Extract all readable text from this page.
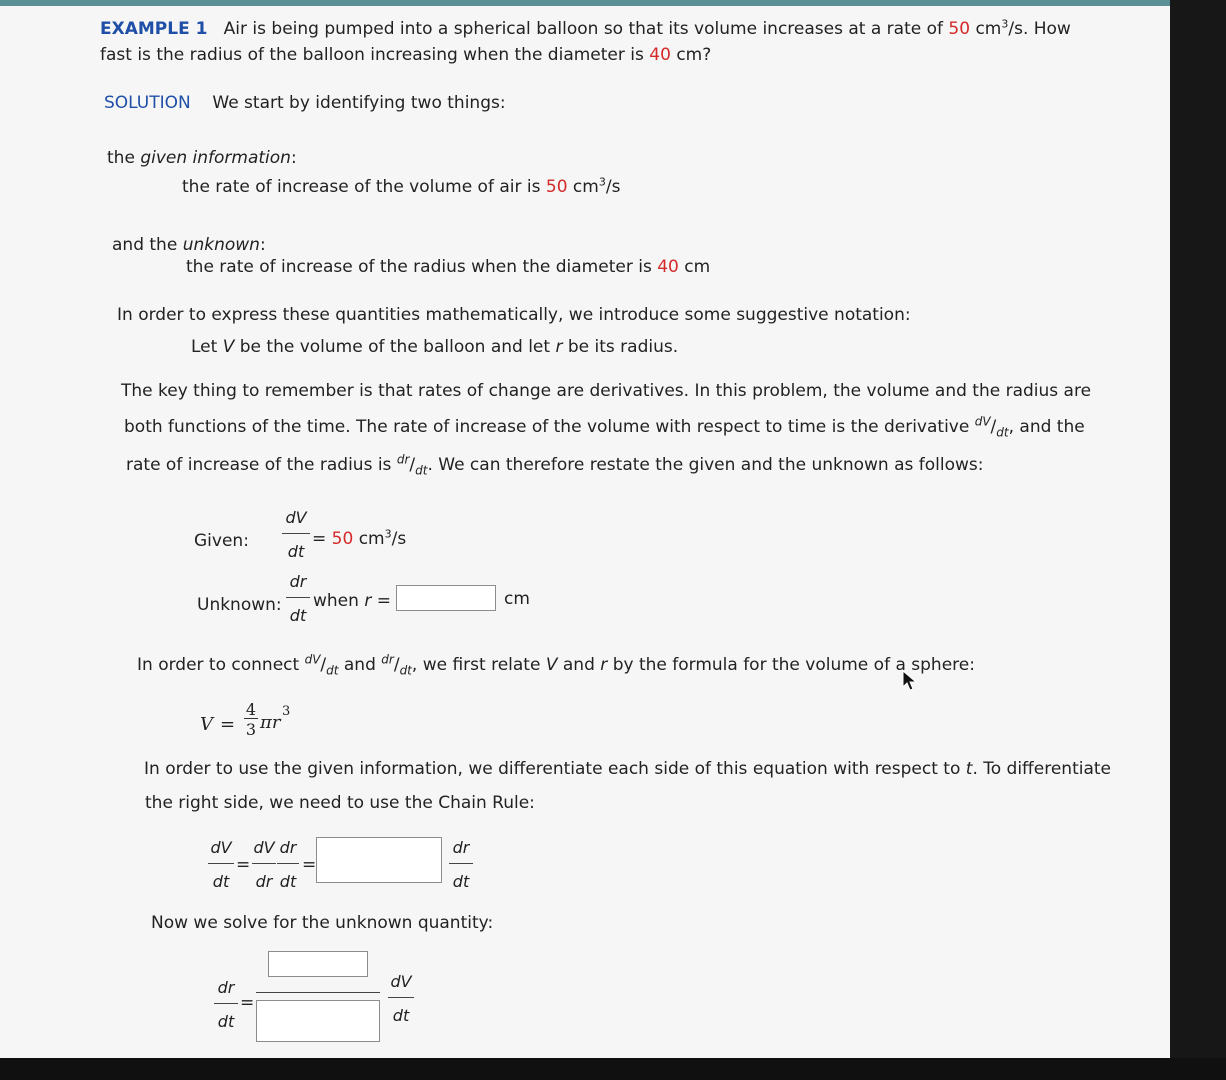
EXAMPLE 1 Air is being pumped into a spherical balloon so that its volume increases at a rate of 50 $cm^3/s$. How
fast is the radius of the balloon increasing when the diameter is 40 cm?
SOLUTION We start by identifying two things:
the given information:
the rate of increase of the volume of air is 50 $cm^3/s$
and the unknown:
the rate of increase of the radius when the diameter is 40 cm
In order to express these quantities mathematically, we introduce some suggestive notation:
Let V be the volume of the balloon and let r be its radius.
The key thing to remember is that rates of change are derivatives. In this problem, the volume and the radius are
both functions of the time. The rate of increase of the volume with respect to time is the derivative $^{dV}/_{dt}$, and the
rate of increase of the radius is $^{dr}/_{dt}$. We can therefore restate the given and the unknown as follows:
Given:
dV
dt
= 50 $cm^3/s$
Unknown:
dr
dt
when r =	cm
In order to connect $^{dV}/_{dt}$ and $^{dr}/_{dt}$, we first relate V and r by the formula for the volume of a sphere:
V =
4
3 πr
3
In order to use the given information, we differentiate each side of this equation with respect to t. To differentiate
the right side, we need to use the Chain Rule:
dV
dt
=
dV
dr
dr
dt
=
dr
dt
Now we solve for the unknown quantity:
dr
dt
=
dV
dt
